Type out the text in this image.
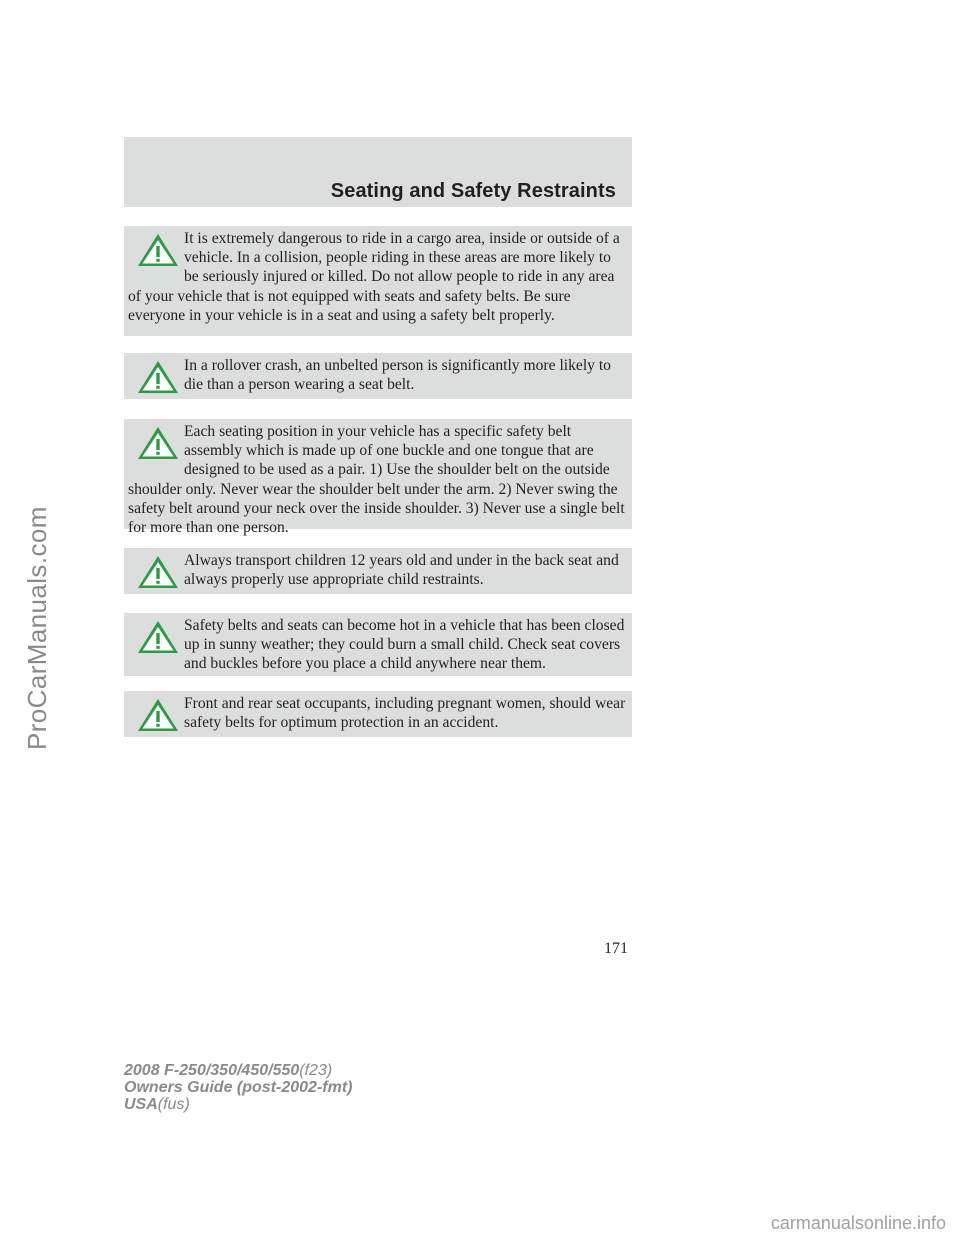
Seating and Safety Restraints

It is extremely dangerous to ride in a cargo area, inside or outside of a vehicle. In a collision, people riding in these areas are more likely to be seriously injured or killed. Do not allow people to ride in any area of your vehicle that is not equipped with seats and safety belts. Be sure everyone in your vehicle is in a seat and using a safety belt properly.

In a rollover crash, an unbelted person is significantly more likely to die than a person wearing a seat belt.

Each seating position in your vehicle has a specific safety belt assembly which is made up of one buckle and one tongue that are designed to be used as a pair. 1) Use the shoulder belt on the outside shoulder only. Never wear the shoulder belt under the arm. 2) Never swing the safety belt around your neck over the inside shoulder. 3) Never use a single belt for more than one person.

Always transport children 12 years old and under in the back seat and always properly use appropriate child restraints.

Safety belts and seats can become hot in a vehicle that has been closed up in sunny weather; they could burn a small child. Check seat covers and buckles before you place a child anywhere near them.

Front and rear seat occupants, including pregnant women, should wear safety belts for optimum protection in an accident.

ProCarManuals.com
171
2008 F-250/350/450/550(f23)
Owners Guide (post-2002-fmt)
USA(fus)
carmanualsonline.info
